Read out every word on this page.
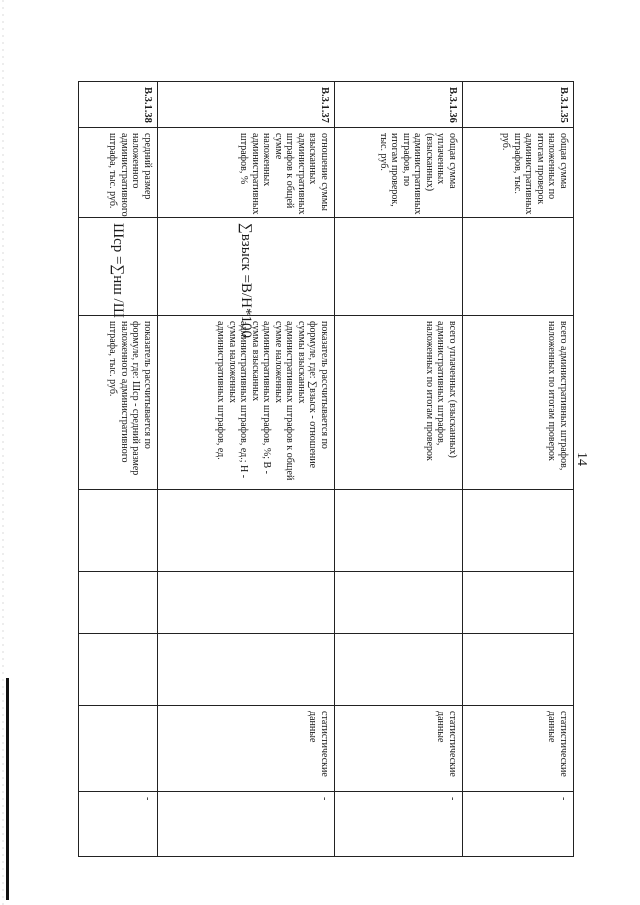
14
В.3.1.35	общая сумма наложенных по итогам проверок административных штрафов, тыс. руб.		всего административных штрафов, наложенных по итогам проверок				статистические данные	-
В.3.1.36	общая сумма уплаченных (взысканных) административных штрафов, по итогам проверок, тыс. руб.		всего уплаченных (взысканных) административных штрафов, наложенных по итогам проверок				статистические данные	-
В.3.1.37	отношение суммы взысканных административных штрафов к общей сумме наложенных административных штрафов, %	∑взыск =В/Н*100	показатель рассчитывается по формуле, где: ∑взыск - отношение суммы взысканных административных штрафов к общей сумме наложенных административных штрафов, %; В - сумма взысканных административных штрафов, ед.; Н - сумма наложенных административных штрафов, ед.				статистические данные	-
В.3.1.38	средний размер наложенного административного штрафа, тыс. руб.	Шср =∑нш /Ш	показатель рассчитывается по формуле, где: Шср - средний размер наложенного административного штрафа, тыс. руб.					-
